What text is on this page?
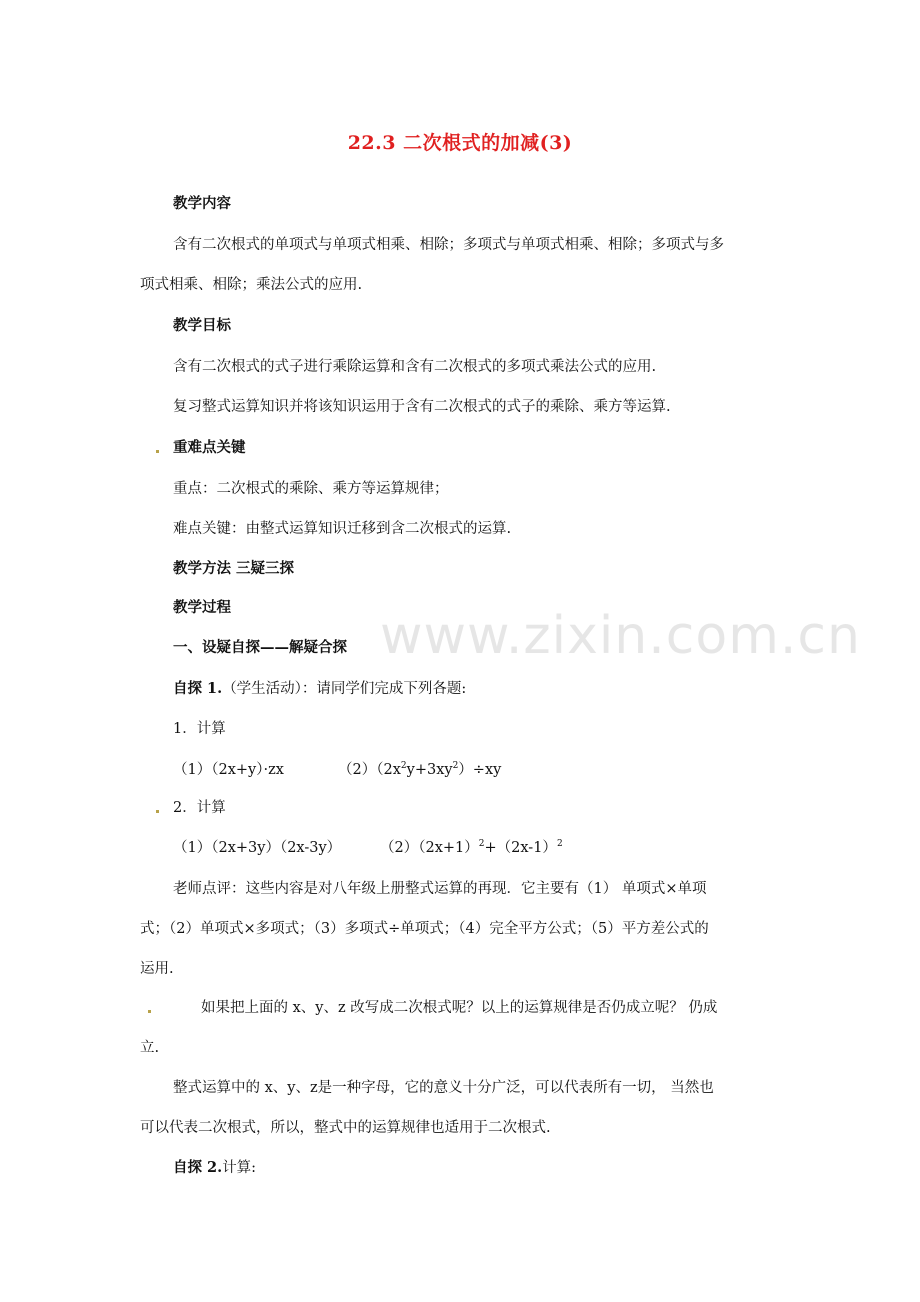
www.zixin.com.cn
22.3 二次根式的加减(3)
教学内容
含有二次根式的单项式与单项式相乘、相除；多项式与单项式相乘、相除；多项式与多
项式相乘、相除；乘法公式的应用.
教学目标
含有二次根式的式子进行乘除运算和含有二次根式的多项式乘法公式的应用.
复习整式运算知识并将该知识运用于含有二次根式的式子的乘除、乘方等运算.
重难点关键
重点：二次根式的乘除、乘方等运算规律；
难点关键：由整式运算知识迁移到含二次根式的运算.
教学方法 三疑三探
教学过程
一、设疑自探——解疑合探
自探 1.（学生活动）：请同学们完成下列各题:
1．计算
（1）（2x+y）·zx	$(2)(2x^2y+3xy^2)\div xy$
2．计算
（1）（2x+3y）（2x-3y）	$(2)(2x+1)^2+(2x-1)^2$
老师点评：这些内容是对八年级上册整式运算的再现．它主要有（1） 单项式×单项
式；（2）单项式×多项式；（3）多项式÷单项式；（4）完全平方公式；（5）平方差公式的
运用.
如果把上面的 x、y、z 改写成二次根式呢？以上的运算规律是否仍成立呢？ 仍成
立.
整式运算中的 x、y、z是一种字母，它的意义十分广泛，可以代表所有一切， 当然也
可以代表二次根式，所以，整式中的运算规律也适用于二次根式.
自探 2.计算:
